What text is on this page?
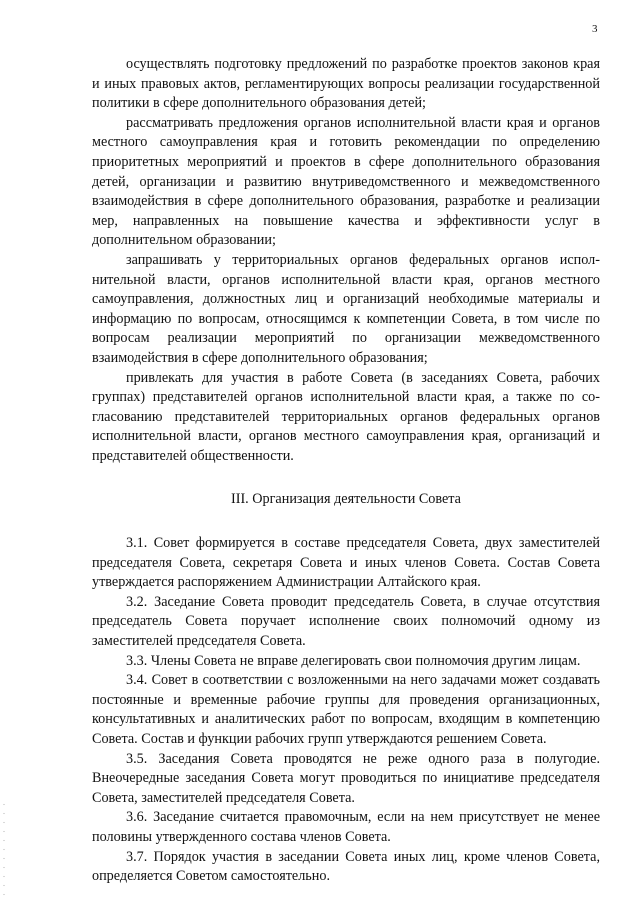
3

осуществлять подготовку предложений по разработке проектов законов края и иных правовых актов, регламентирующих вопросы реализации государственной политики в сфере дополнительного образования детей;

рассматривать предложения органов исполнительной власти края и органов местного самоуправления края и готовить рекомендации по определению приоритетных мероприятий и проектов в сфере дополнительного образования детей, организации и развитию внутриведомственного и межведомственного взаимодействия в сфере дополнительного образования, разработке и реализации мер, направленных на повышение качества и эффективности услуг в дополнительном образовании;

запрашивать у территориальных органов федеральных органов исполнительной власти, органов исполнительной власти края, органов местного самоуправления, должностных лиц и организаций необходимые материалы и информацию по вопросам, относящимся к компетенции Совета, в том числе по вопросам реализации мероприятий по организации межведомственного взаимодействия в сфере дополнительного образования;

привлекать для участия в работе Совета (в заседаниях Совета, рабочих группах) представителей органов исполнительной власти края, а также по согласованию представителей территориальных органов федеральных органов исполнительной власти, органов местного самоуправления края, организаций и представителей общественности.

III. Организация деятельности Совета

3.1. Совет формируется в составе председателя Совета, двух заместителей председателя Совета, секретаря Совета и иных членов Совета. Состав Совета утверждается распоряжением Администрации Алтайского края.

3.2. Заседание Совета проводит председатель Совета, в случае отсутствия председатель Совета поручает исполнение своих полномочий одному из заместителей председателя Совета.

3.3. Члены Совета не вправе делегировать свои полномочия другим лицам.

3.4. Совет в соответствии с возложенными на него задачами может создавать постоянные и временные рабочие группы для проведения организационных, консультативных и аналитических работ по вопросам, входящим в компетенцию Совета. Состав и функции рабочих групп утверждаются решением Совета.

3.5. Заседания Совета проводятся не реже одного раза в полугодие. Внеочередные заседания Совета могут проводиться по инициативе председателя Совета, заместителей председателя Совета.

3.6. Заседание считается правомочным, если на нем присутствует не менее половины утвержденного состава членов Совета.

3.7. Порядок участия в заседании Совета иных лиц, кроме членов Совета, определяется Советом самостоятельно.
